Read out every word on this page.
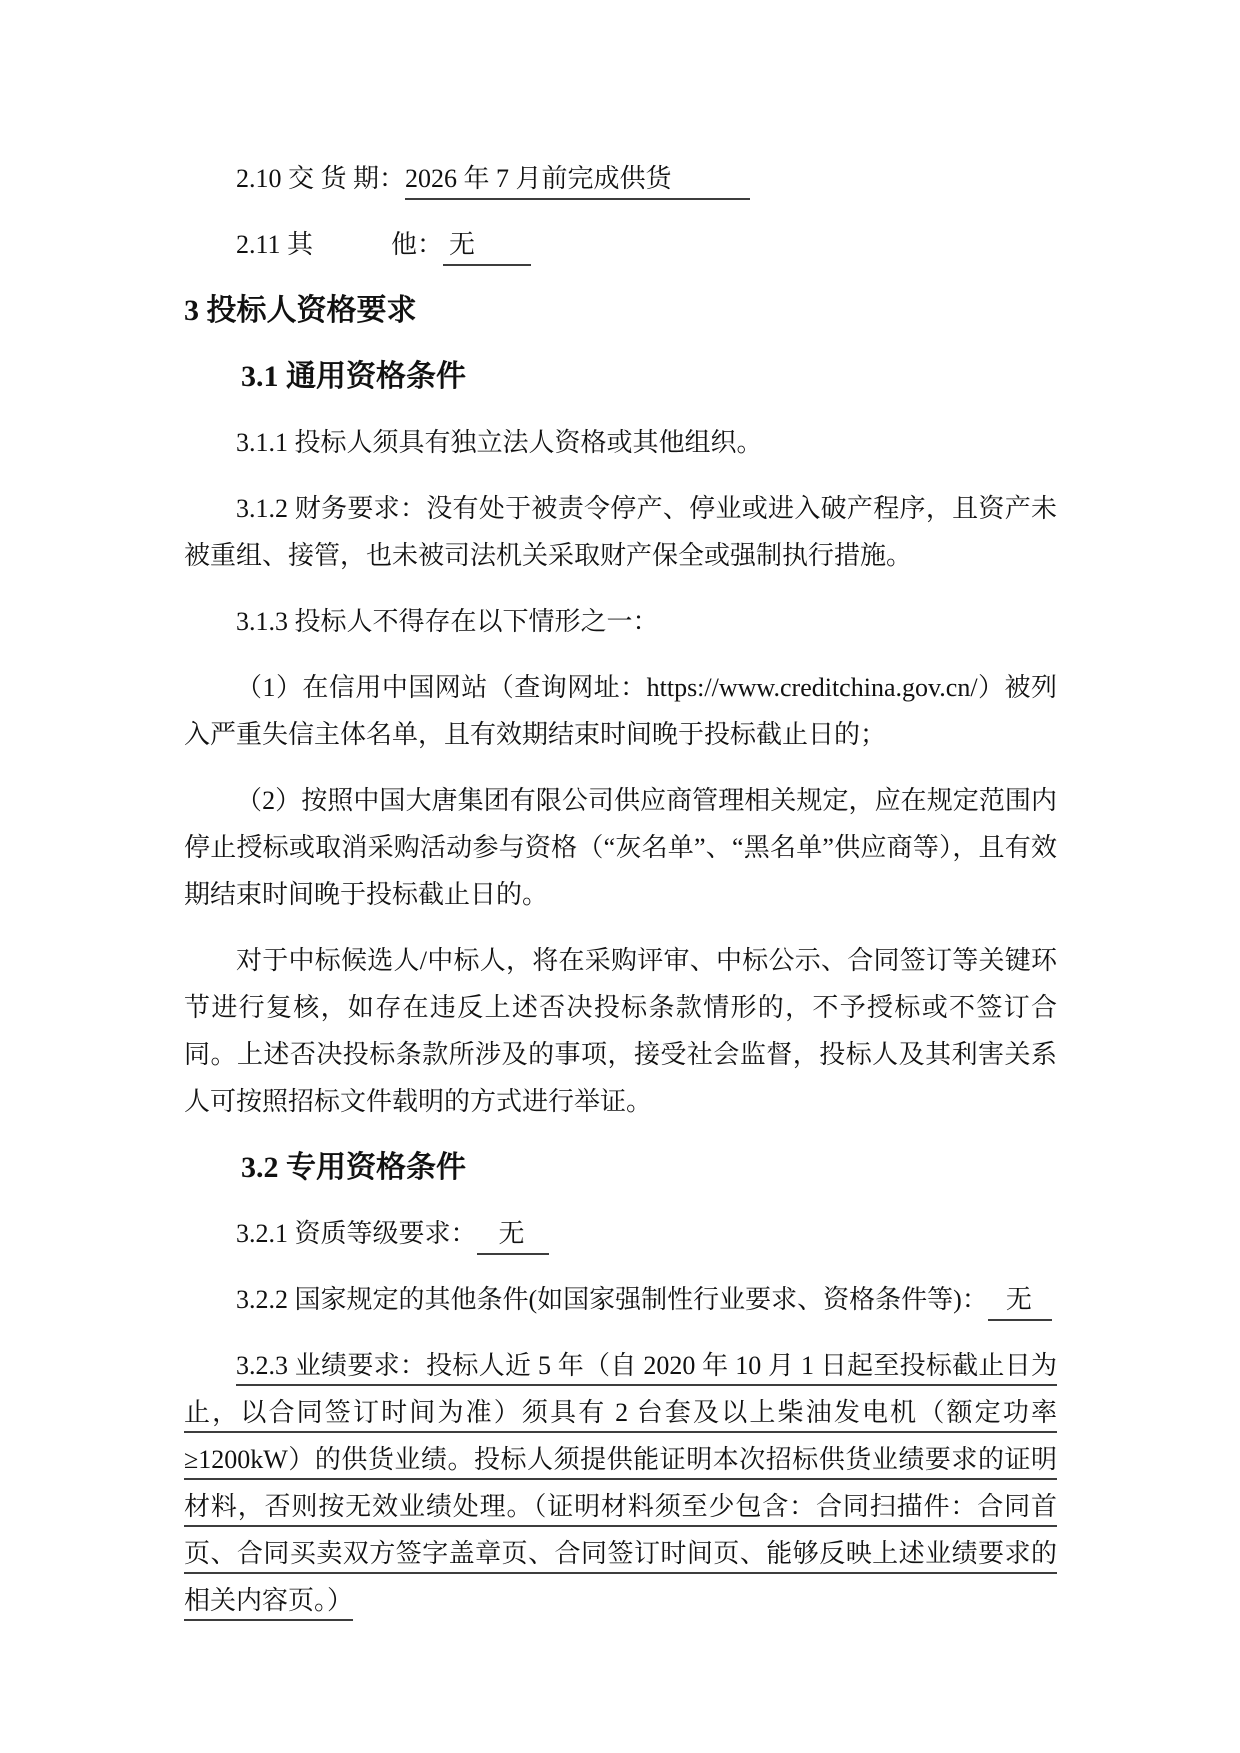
2.10 交 货 期：2026 年 7 月前完成供货

2.11 其　　　他： 无

3 投标人资格要求

3.1 通用资格条件

3.1.1 投标人须具有独立法人资格或其他组织。

3.1.2 财务要求：没有处于被责令停产、停业或进入破产程序，且资产未被重组、接管，也未被司法机关采取财产保全或强制执行措施。

3.1.3 投标人不得存在以下情形之一：

（1）在信用中国网站（查询网址：https://www.creditchina.gov.cn/）被列入严重失信主体名单，且有效期结束时间晚于投标截止日的；

（2）按照中国大唐集团有限公司供应商管理相关规定，应在规定范围内停止授标或取消采购活动参与资格（“灰名单”、“黑名单”供应商等），且有效期结束时间晚于投标截止日的。

对于中标候选人/中标人，将在采购评审、中标公示、合同签订等关键环节进行复核，如存在违反上述否决投标条款情形的，不予授标或不签订合同。上述否决投标条款所涉及的事项，接受社会监督，投标人及其利害关系人可按照招标文件载明的方式进行举证。

3.2 专用资格条件

3.2.1 资质等级要求： 无

3.2.2 国家规定的其他条件(如国家强制性行业要求、资格条件等)： 无

3.2.3 业绩要求：投标人近 5 年（自 2020 年 10 月 1 日起至投标截止日为止，以合同签订时间为准）须具有 2 台套及以上柴油发电机（额定功率≥1200kW）的供货业绩。投标人须提供能证明本次招标供货业绩要求的证明材料，否则按无效业绩处理。（证明材料须至少包含：合同扫描件：合同首页、合同买卖双方签字盖章页、合同签订时间页、能够反映上述业绩要求的相关内容页。）
